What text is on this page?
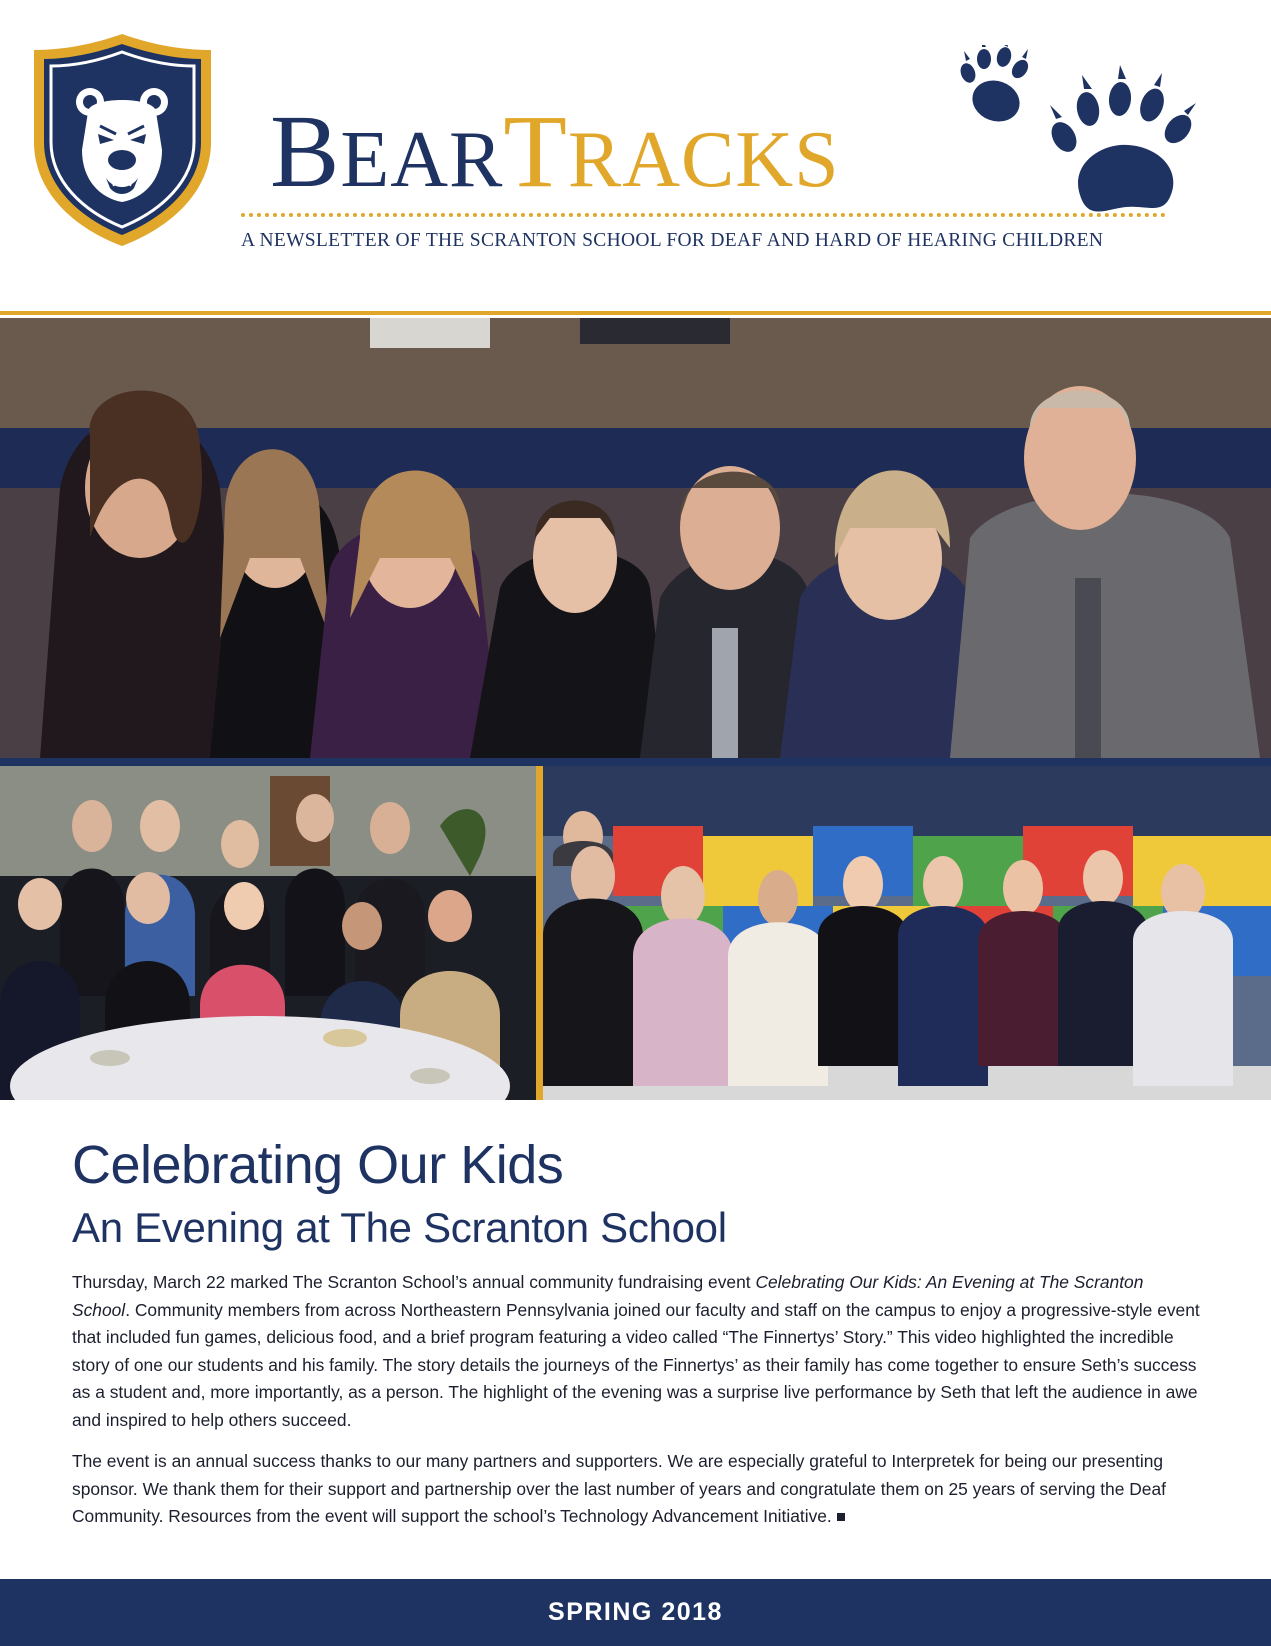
BEARTRACKS

A NEWSLETTER OF THE SCRANTON SCHOOL FOR DEAF AND HARD OF HEARING CHILDREN

Celebrating Our Kids
An Evening at The Scranton School

Thursday, March 22 marked The Scranton School’s annual community fundraising event Celebrating Our Kids: An Evening at The Scranton School. Community members from across Northeastern Pennsylvania joined our faculty and staff on the campus to enjoy a progressive-style event that included fun games, delicious food, and a brief program featuring a video called “The Finnertys’ Story.” This video highlighted the incredible story of one our students and his family. The story details the journeys of the Finnertys’ as their family has come together to ensure Seth’s success as a student and, more importantly, as a person. The highlight of the evening was a surprise live performance by Seth that left the audience in awe and inspired to help others succeed.

The event is an annual success thanks to our many partners and supporters. We are especially grateful to Interpretek for being our presenting sponsor. We thank them for their support and partnership over the last number of years and congratulate them on 25 years of serving the Deaf Community. Resources from the event will support the school’s Technology Advancement Initiative.

SPRING 2018
